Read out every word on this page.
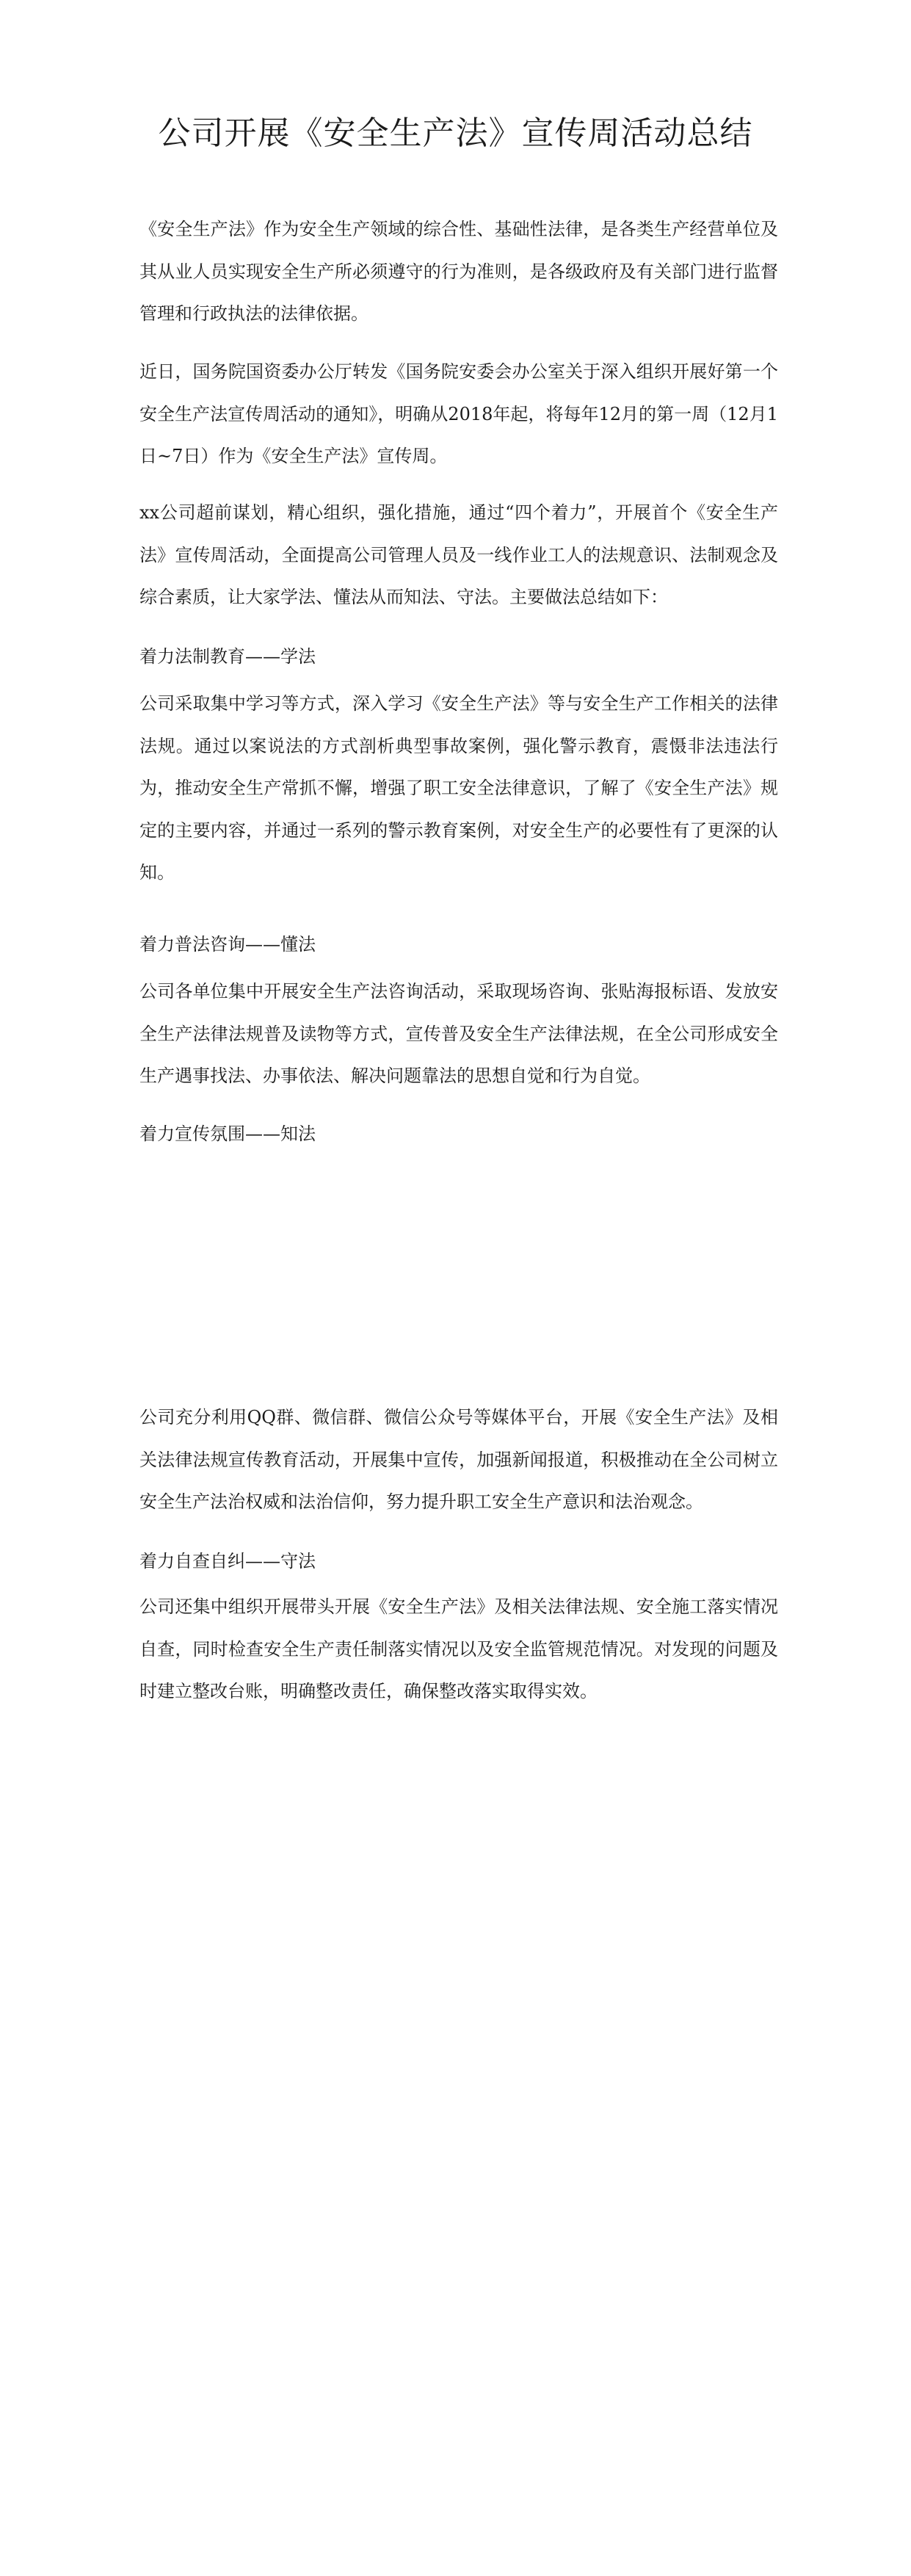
公司开展《安全生产法》宣传周活动总结

《安全生产法》作为安全生产领域的综合性、基础性法律，是各类生产经营单位及其从业人员实现安全生产所必须遵守的行为准则，是各级政府及有关部门进行监督管理和行政执法的法律依据。

近日，国务院国资委办公厅转发《国务院安委会办公室关于深入组织开展好第一个安全生产法宣传周活动的通知》，明确从2018年起，将每年12月的第一周（12月1日~7日）作为《安全生产法》宣传周。

xx公司超前谋划，精心组织，强化措施，通过“四个着力”，开展首个《安全生产法》宣传周活动，全面提高公司管理人员及一线作业工人的法规意识、法制观念及综合素质，让大家学法、懂法从而知法、守法。主要做法总结如下：

着力法制教育——学法

公司采取集中学习等方式，深入学习《安全生产法》等与安全生产工作相关的法律法规。通过以案说法的方式剖析典型事故案例，强化警示教育，震慑非法违法行为，推动安全生产常抓不懈，增强了职工安全法律意识，了解了《安全生产法》规定的主要内容，并通过一系列的警示教育案例，对安全生产的必要性有了更深的认知。

着力普法咨询——懂法

公司各单位集中开展安全生产法咨询活动，采取现场咨询、张贴海报标语、发放安全生产法律法规普及读物等方式，宣传普及安全生产法律法规，在全公司形成安全生产遇事找法、办事依法、解决问题靠法的思想自觉和行为自觉。

着力宣传氛围——知法

公司充分利用QQ群、微信群、微信公众号等媒体平台，开展《安全生产法》及相关法律法规宣传教育活动，开展集中宣传，加强新闻报道，积极推动在全公司树立安全生产法治权威和法治信仰，努力提升职工安全生产意识和法治观念。

着力自查自纠——守法

公司还集中组织开展带头开展《安全生产法》及相关法律法规、安全施工落实情况自查，同时检查安全生产责任制落实情况以及安全监管规范情况。对发现的问题及时建立整改台账，明确整改责任，确保整改落实取得实效。
